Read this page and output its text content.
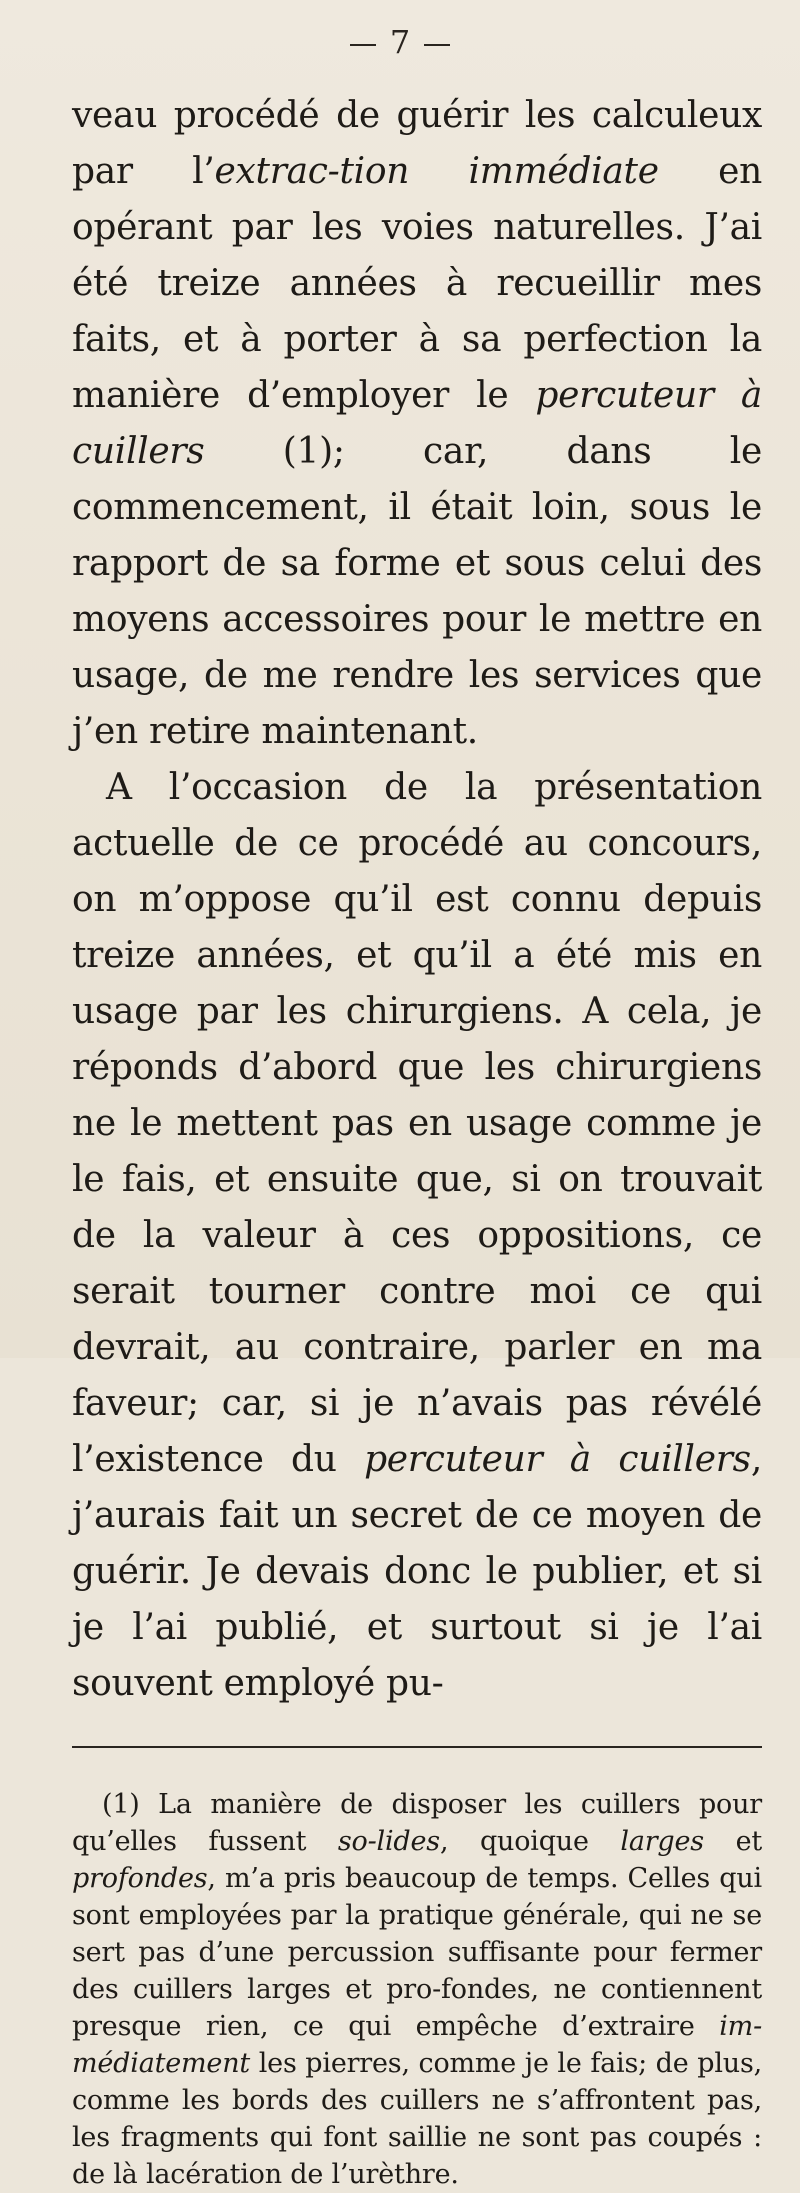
7

veau procédé de guérir les calculeux par l’extrac-tion immédiate en opérant par les voies naturelles. J’ai été treize années à recueillir mes faits, et à porter à sa perfection la manière d’employer le percuteur à cuillers (1); car, dans le commencement, il était loin, sous le rapport de sa forme et sous celui des moyens accessoires pour le mettre en usage, de me rendre les services que j’en retire maintenant.

A l’occasion de la présentation actuelle de ce procédé au concours, on m’oppose qu’il est connu depuis treize années, et qu’il a été mis en usage par les chirurgiens. A cela, je réponds d’abord que les chirurgiens ne le mettent pas en usage comme je le fais, et ensuite que, si on trouvait de la valeur à ces oppositions, ce serait tourner contre moi ce qui devrait, au contraire, parler en ma faveur; car, si je n’avais pas révélé l’existence du percuteur à cuillers, j’aurais fait un secret de ce moyen de guérir. Je devais donc le publier, et si je l’ai publié, et surtout si je l’ai souvent employé pu-

(1) La manière de disposer les cuillers pour qu’elles fussent so-lides, quoique larges et profondes, m’a pris beaucoup de temps. Celles qui sont employées par la pratique générale, qui ne se sert pas d’une percussion suffisante pour fermer des cuillers larges et pro-fondes, ne contiennent presque rien, ce qui empêche d’extraire im-médiatement les pierres, comme je le fais; de plus, comme les bords des cuillers ne s’affrontent pas, les fragments qui font saillie ne sont pas coupés : de là lacération de l’urèthre.
